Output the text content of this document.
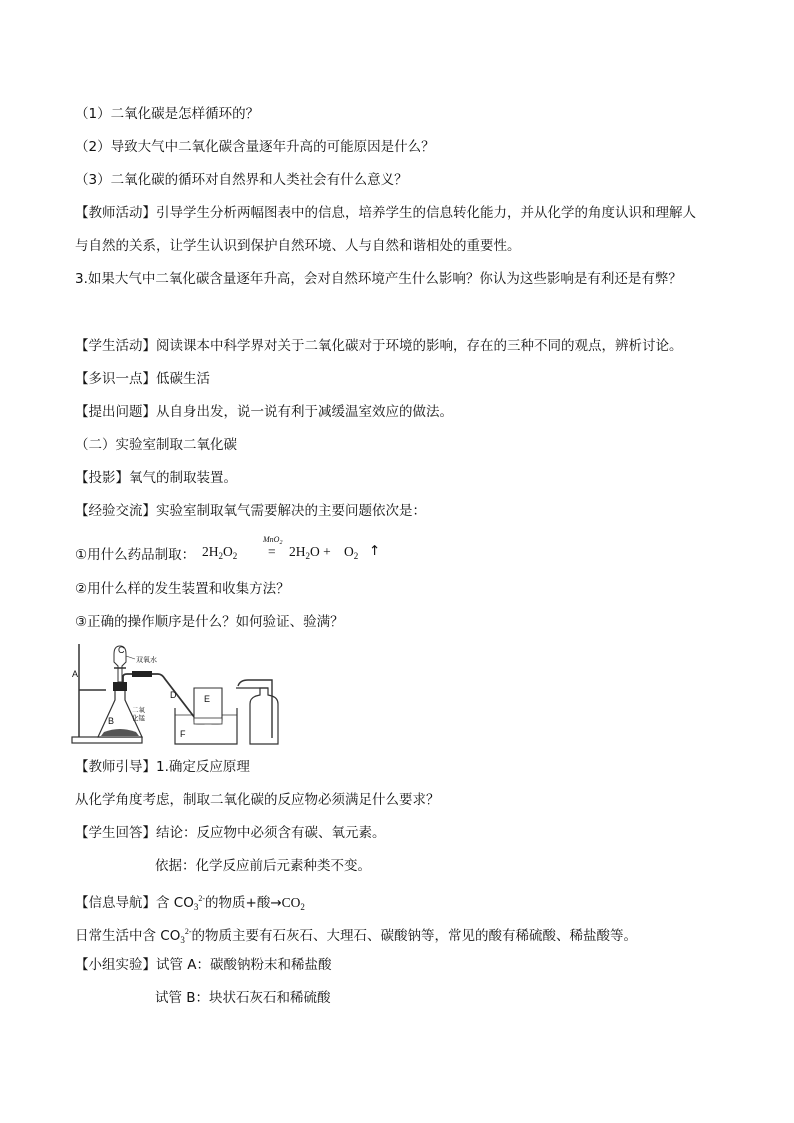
（1）二氧化碳是怎样循环的？
（2）导致大气中二氧化碳含量逐年升高的可能原因是什么？
（3）二氧化碳的循环对自然界和人类社会有什么意义？
【教师活动】引导学生分析两幅图表中的信息，培养学生的信息转化能力，并从化学的角度认识和理解人
与自然的关系，让学生认识到保护自然环境、人与自然和谐相处的重要性。
3.如果大气中二氧化碳含量逐年升高，会对自然环境产生什么影响？你认为这些影响是有利还是有弊？
【学生活动】阅读课本中科学界对关于二氧化碳对于环境的影响，存在的三种不同的观点，辨析讨论。
【多识一点】低碳生活
【提出问题】从自身出发，说一说有利于减缓温室效应的做法。
（二）实验室制取二氧化碳
【投影】氧气的制取装置。
【经验交流】实验室制取氧气需要解决的主要问题依次是：
①用什么药品制取： $2H_2O_2$
MnO$_2$
= $2H_2O + O_2$ ↑
②用什么样的发生装置和收集方法？
③正确的操作顺序是什么？如何验证、验满？
A
C
双氧水
B
二氧
化锰
D
F
E
【教师引导】1.确定反应原理
从化学角度考虑，制取二氧化碳的反应物必须满足什么要求？
【学生回答】结论：反应物中必须含有碳、氧元素。
依据：化学反应前后元素种类不变。
【信息导航】含 $CO_3^{2-}$的物质+酸$\to CO_2$
日常生活中含 $CO_3^{2-}$的物质主要有石灰石、大理石、碳酸钠等，常见的酸有稀硫酸、稀盐酸等。
【小组实验】试管 A：碳酸钠粉末和稀盐酸
试管 B：块状石灰石和稀硫酸
